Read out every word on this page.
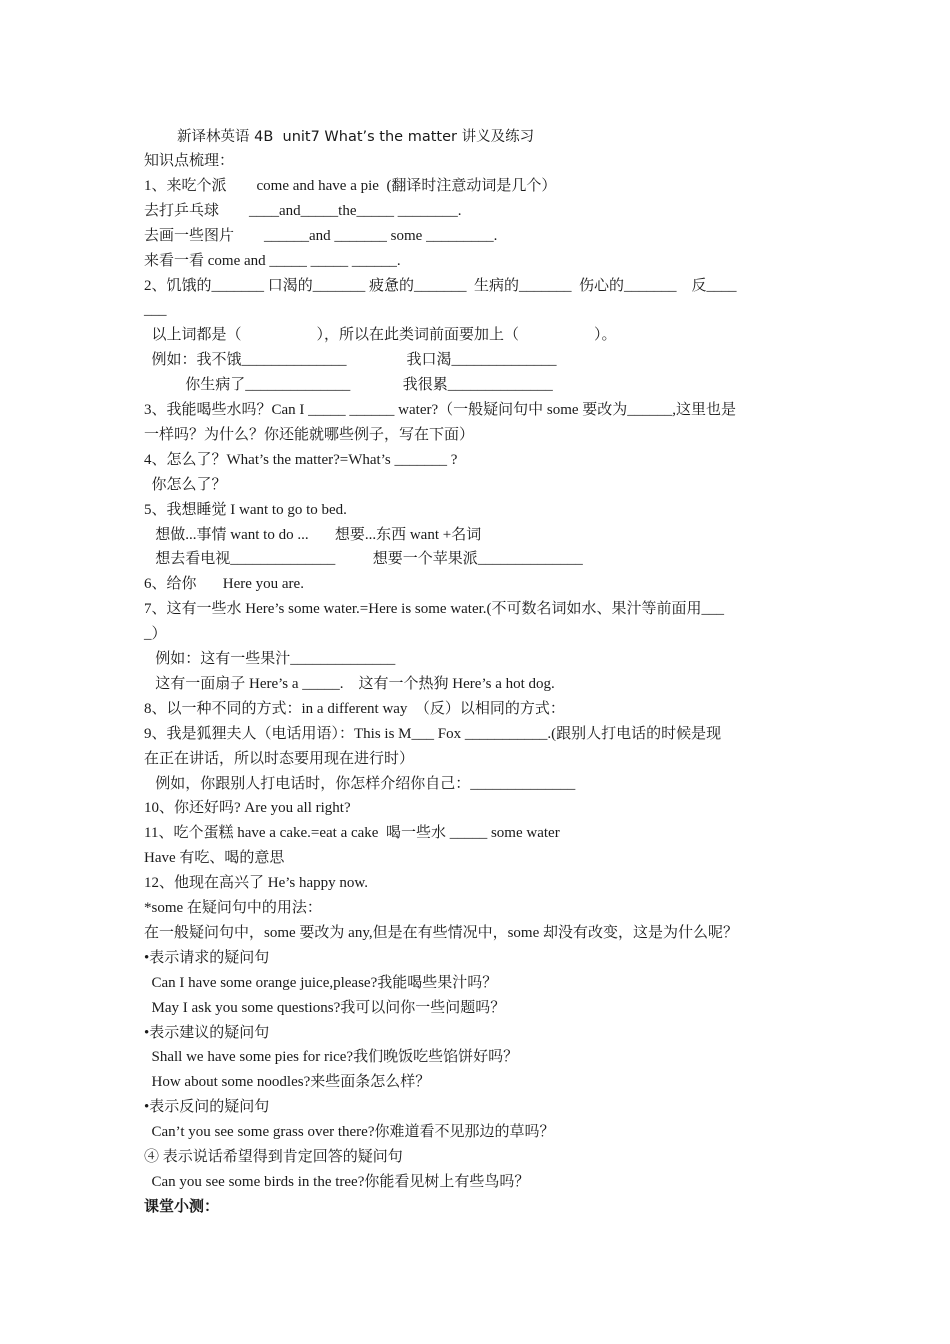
新译林英语 4B  unit7 What’s the matter 讲义及练习
知识点梳理：
1、来吃个派        come and have a pie  (翻译时注意动词是几个）
去打乒乓球        ____and_____the_____ ________.
去画一些图片        ______and _______ some _________.
来看一看 come and _____ _____ ______.
2、饥饿的_______ 口渴的_______ 疲惫的_______  生病的_______  伤心的_______    反____
___
以上词都是（                    ），所以在此类词前面要加上（                    ）。
例如：我不饿______________                我口渴______________
你生病了______________              我很累______________
3、我能喝些水吗？Can I _____ ______ water?（一般疑问句中 some 要改为______,这里也是
一样吗？为什么？你还能就哪些例子，写在下面）
4、怎么了？What’s the matter?=What’s _______ ?
你怎么了？
5、我想睡觉 I want to go to bed.
想做...事情 want to do ...       想要...东西 want +名词
想去看电视______________          想要一个苹果派______________
6、给你       Here you are.
7、这有一些水 Here’s some water.=Here is some water.(不可数名词如水、果汁等前面用___
_）
例如：这有一些果汁______________
这有一面扇子 Here’s a _____.    这有一个热狗 Here’s a hot dog.
8、以一种不同的方式：in a different way  （反）以相同的方式：
9、我是狐狸夫人（电话用语）：This is M___ Fox ___________.(跟别人打电话的时候是现
在正在讲话，所以时态要用现在进行时）
例如，你跟别人打电话时，你怎样介绍你自己：______________
10、你还好吗? Are you all right?
11、吃个蛋糕 have a cake.=eat a cake  喝一些水 _____ some water
Have 有吃、喝的意思
12、他现在高兴了 He’s happy now.
*some 在疑问句中的用法：
在一般疑问句中，some 要改为 any,但是在有些情况中，some 却没有改变，这是为什么呢？
•表示请求的疑问句
Can I have some orange juice,please?我能喝些果汁吗？
May I ask you some questions?我可以问你一些问题吗？
•表示建议的疑问句
Shall we have some pies for rice?我们晚饭吃些馅饼好吗？
How about some noodles?来些面条怎么样？
•表示反问的疑问句
Can’t you see some grass over there?你难道看不见那边的草吗？
④ 表示说话希望得到肯定回答的疑问句
Can you see some birds in the tree?你能看见树上有些鸟吗？
课堂小测：
